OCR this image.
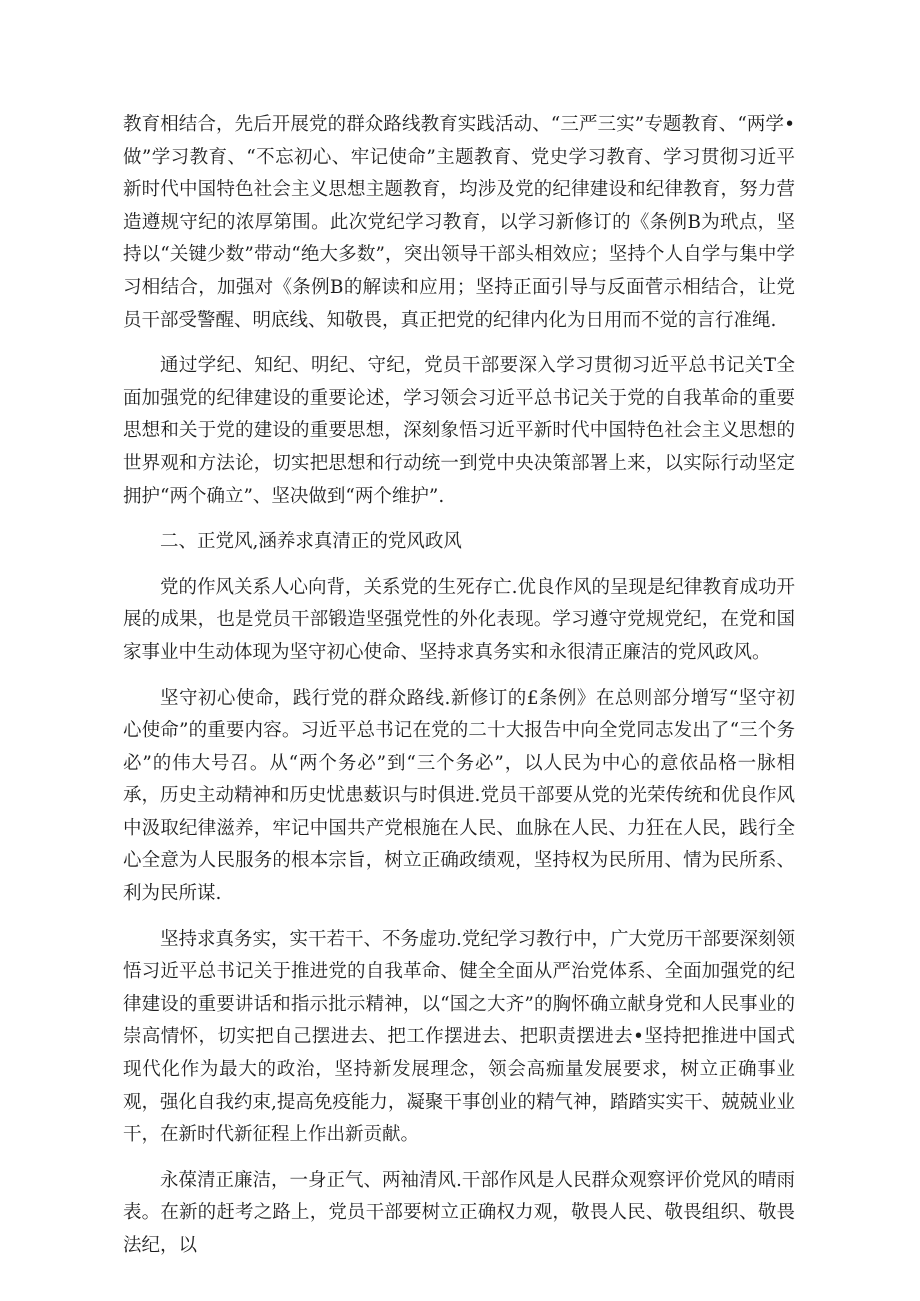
教育相结合，先后开展党的群众路线教育实践活动、“三严三实”专题教育、“两学•做”学习教育、“不忘初心、牢记使命”主题教育、党史学习教育、学习贯彻习近平新时代中国特色社会主义思想主题教育，均涉及党的纪律建设和纪律教育，努力营造遵规守纪的浓厚第围。此次党纪学习教育，以学习新修订的《条例B为玳点，坚持以“关键少数”带动“绝大多数”，突出领导干部头相效应；坚持个人自学与集中学习相结合，加强对《条例B的解读和应用；坚持正面引导与反面菅示相结合，让党员干部受警醒、明底线、知敬畏，真正把党的纪律内化为日用而不觉的言行准绳.

通过学纪、知纪、明纪、守纪，党员干部要深入学习贯彻习近平总书记关T全面加强党的纪律建设的重要论述，学习领会习近平总书记关于党的自我革命的重要思想和关于党的建设的重要思想，深刻象悟习近平新时代中国特色社会主义思想的世界观和方法论，切实把思想和行动统一到党中央决策部署上来，以实际行动坚定拥护“两个确立”、坚决做到“两个维护”.

二、正党风,涵养求真清正的党风政风

党的作风关系人心向背，关系党的生死存亡.优良作风的呈现是纪律教育成功开展的成果，也是党员干部锻造坚强党性的外化表现。学习遵守党规党纪，在党和国家事业中生动体现为坚守初心使命、坚持求真务实和永很清正廉洁的党风政风。

坚守初心使命，践行党的群众路线.新修订的£条例》在总则部分增写“坚守初心使命”的重要内容。习近平总书记在党的二十大报告中向全党同志发出了“三个务必”的伟大号召。从“两个务必”到“三个务必”，以人民为中心的意依品格一脉相承，历史主动精神和历史忧患薮识与时俱进.党员干部要从党的光荣传统和优良作风中汲取纪律滋养，牢记中国共产党根施在人民、血脉在人民、力狂在人民，践行全心全意为人民服务的根本宗旨，树立正确政绩观，坚持权为民所用、情为民所系、利为民所谋.

坚持求真务实，实干若干、不务虚功.党纪学习教行中，广大党历干部要深刻领悟习近平总书记关于推进党的自我革命、健全全面从严治党体系、全面加强党的纪律建设的重要讲话和指示批示精神，以“国之大齐”的胸怀确立献身党和人民事业的崇高情怀，切实把自己摆进去、把工作摆进去、把职责摆进去•坚持把推进中国式现代化作为最大的政治，坚持新发展理念，领会高痂量发展要求，树立正确事业观，强化自我约束,提高免疫能力，凝聚干事创业的精气神，踏踏实实干、兢兢业业干，在新时代新征程上作出新贡献。

永葆清正廉洁，一身正气、两袖清风.干部作风是人民群众观察评价党风的晴雨表。在新的赶考之路上，党员干部要树立正确权力观，敬畏人民、敬畏组织、敬畏法纪，以
